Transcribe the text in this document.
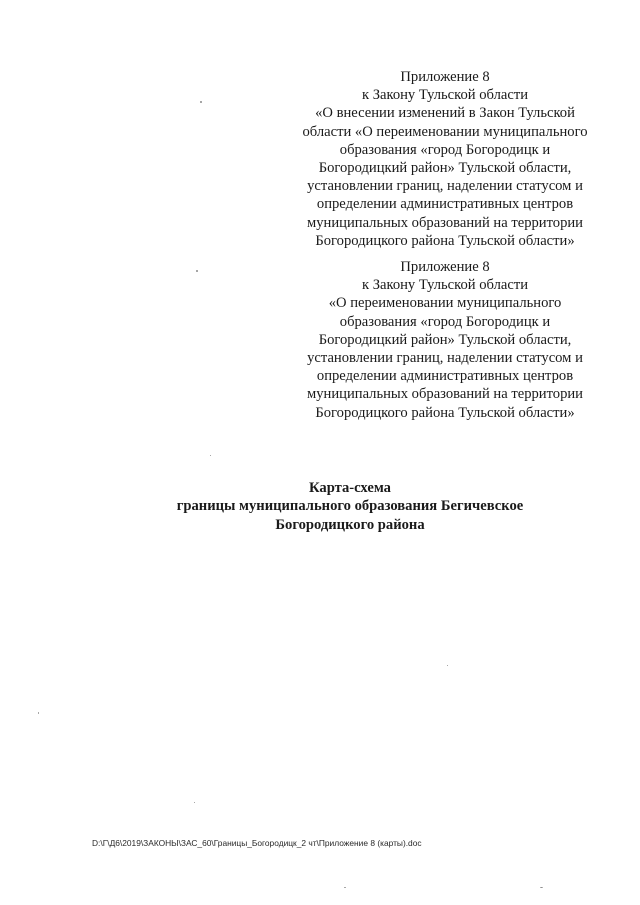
Приложение 8
к Закону Тульской области
«О внесении изменений в Закон Тульской
области «О переименовании муниципального
образования «город Богородицк и
Богородицкий район» Тульской области,
установлении границ, наделении статусом и
определении административных центров
муниципальных образований на территории
Богородицкого района Тульской области»
Приложение 8
к Закону Тульской области
«О переименовании муниципального
образования «город Богородицк и
Богородицкий район» Тульской области,
установлении границ, наделении статусом и
определении административных центров
муниципальных образований на территории
Богородицкого района Тульской области»
Карта-схема
границы муниципального образования Бегичевское
Богородицкого района
D:\Г\Д6\2019\ЗАКОНЫ\ЗАС_60\Границы_Богородицк_2 чт\Приложение 8 (карты).doc
